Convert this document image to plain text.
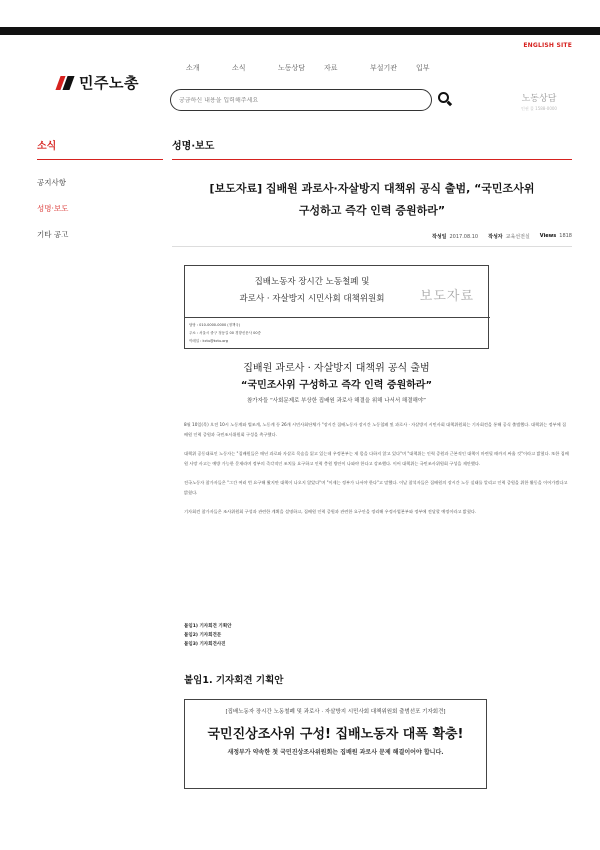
ENGLISH SITE
민주노총
소개	소식	노동상담	자료	부설기관	입부
궁금하신 내용을 입력해주세요
노동상담
인권 콜 1588-0000
소식
공지사항
성명·보도
기타 공고
성명·보도
[보도자료] 집배원 과로사·자살방지 대책위 공식 출범, “국민조사위
구성하고 즉각 인력 증원하라”
작성일 2017.08.10 작성자 교육선전실 Views 1818
집배노동자 장시간 노동철폐 및
과로사 · 자살방지 시민사회 대책위원회	보도자료
담당 : 010-0000-0000 (정책국)
주소 : 서울시 중구 정동길 00 경향신문사 00층
이메일 : kctu@kctu.org
집배원 과로사 · 자살방지 대책위 공식 출범
“국민조사위 구성하고 즉각 인력 증원하라”
참가자들 “사회문제로 부상한 집배원 과로사 해결을 위해 나서서 해결해야”

8월 10일(목) 오전 10시 노동계와 법조계, 노동계 등 26개 시민사회단체가 "장시간 집배노동자 장시간 노동철폐 및 과로사 · 자살방지 시민사회 대책위원회는 기자회견을 통해 공식 출범했다. 대책위는 정부에 집배원 인력 증원과 국민조사위원회 구성을 촉구했다.

대책위 공동대표인 노동자는 "집배원들은 매년 과로와 자살로 목숨을 잃고 있는데 우정본부는 제 몫을 다하지 않고 있다"며 "대책위는 인력 증원과 근본적인 대책이 마련될 때까지 싸울 것"이라고 밝혔다. 또한 집배원 사망 사고는 예방 가능한 문제라며 정부의 즉각적인 조치를 요구하고 인력 충원 방안이 나와야 한다고 강조했다. 이어 대책위는 국민조사위원회 구성을 제안했다.

전국노동자 참가자들은 "그간 여러 번 요구해 왔지만 대책이 나오지 않았다"며 "이제는 정부가 나서야 한다"고 말했다. 이날 참석자들은 집배원의 장시간 노동 실태를 알리고 인력 증원을 위한 활동을 이어가겠다고 밝혔다.

기자회견 참가자들은 조사위원회 구성과 관련한 계획을 설명하고, 집배원 인력 증원과 관련한 요구안을 정리해 우정사업본부와 정부에 전달할 예정이라고 밝혔다.

붙임1) 기자회견 기획안
붙임2) 기자회견문
붙임3) 기자회견사진
붙임1. 기자회견 기획안
[집배노동자 장시간 노동철폐 및 과로사 · 자살방지 시민사회 대책위원회 출범선포 기자회견]
국민진상조사위 구성! 집배노동자 대폭 확충!
새정부가 약속한 첫 국민진상조사위원회는 집배원 과로사 문제 해결이어야 합니다.
